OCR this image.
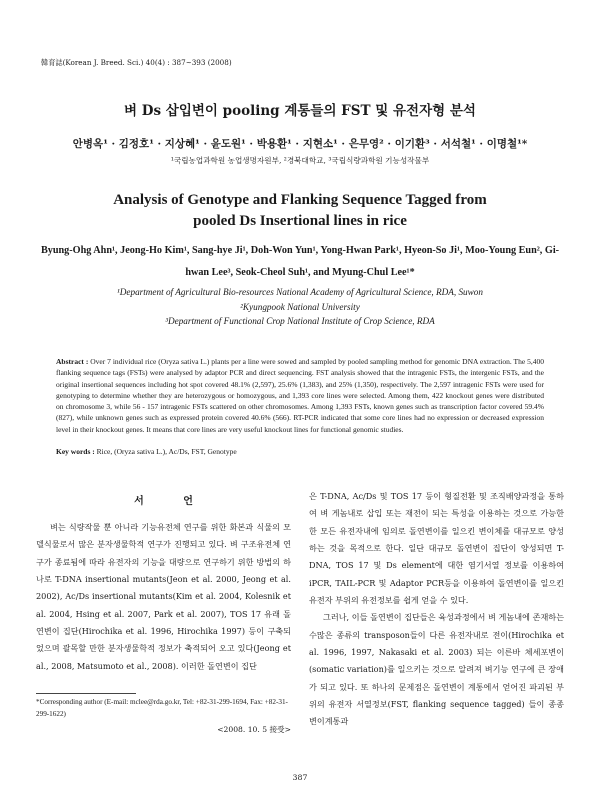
韓育誌(Korean J. Breed. Sci.) 40(4) : 387~393 (2008)
벼 Ds 삽입변이 pooling 계통들의 FST 및 유전자형 분석
안병옥¹ · 김정호¹ · 지상혜¹ · 윤도원¹ · 박용환¹ · 지현소¹ · 은무영² · 이기환³ · 서석철¹ · 이명철¹*
¹국립농업과학원 농업생명자원부, ²경북대학교, ³국립식량과학원 기능성작물부
Analysis of Genotype and Flanking Sequence Tagged from
pooled Ds Insertional lines in rice
Byung-Ohg Ahn¹, Jeong-Ho Kim¹, Sang-hye Ji¹, Doh-Won Yun¹, Yong-Hwan Park¹, Hyeon-So Ji¹, Moo-Young Eun², Gi-hwan Lee³, Seok-Cheol Suh¹, and Myung-Chul Lee¹*
¹Department of Agricultural Bio-resources National Academy of Agricultural Science, RDA, Suwon
²Kyungpook National University
³Department of Functional Crop National Institute of Crop Science, RDA
Abstract : Over 7 individual rice (Oryza sativa L.) plants per a line were sowed and sampled by pooled sampling method for genomic DNA extraction. The 5,400 flanking sequence tags (FSTs) were analysed by adaptor PCR and direct sequencing. FST analysis showed that the intragenic FSTs, the intergenic FSTs, and the original insertional sequences including hot spot covered 48.1% (2,597), 25.6% (1,383), and 25% (1,350), respectively. The 2,597 intragenic FSTs were used for genotyping to determine whether they are heterozygous or homozygous, and 1,393 core lines were selected. Among them, 422 knockout genes were distributed on chromosome 3, while 56 - 157 intragenic FSTs scattered on other chromosomes. Among 1,393 FSTs, known genes such as transcription factor covered 59.4% (827), while unknown genes such as expressed protein covered 40.6% (566). RT-PCR indicated that some core lines had no expression or decreased expression level in their knockout genes. It means that core lines are very useful knockout lines for functional genomic studies.
Key words : Rice, (Oryza sativa L.), Ac/Ds, FST, Genotype
서 언
벼는 식량작물 뿐 아니라 기능유전체 연구를 위한 화본과 식물의 모델식물로서 많은 분자생물학적 연구가 진행되고 있다. 벼 구조유전체 연구가 종료됨에 따라 유전자의 기능을 대량으로 연구하기 위한 방법의 하나로 T-DNA insertional mutants(Jeon et al. 2000, Jeong et al. 2002), Ac/Ds insertional mutants(Kim et al. 2004, Kolesnik et al. 2004, Hsing et al. 2007, Park et al. 2007), TOS 17 유래 돌연변이 집단(Hirochika et al. 1996, Hirochika 1997) 등이 구축되었으며 괄목할 만한 분자생물학적 정보가 축적되어 오고 있다(Jeong et al., 2008, Matsumoto et al., 2008). 이러한 돌연변이 집단
은 T-DNA, Ac/Ds 및 TOS 17 등이 형질전환 및 조직배양과정을 통하여 벼 게놈내로 삽입 또는 재전이 되는 특성을 이용하는 것으로 가능한 한 모든 유전자내에 임의로 돌연변이를 일으킨 변이체를 대규모로 양성하는 것을 목적으로 한다. 일단 대규모 돌연변이 집단이 양성되면 T-DNA, TOS 17 및 Ds element에 대한 염기서열 정보를 이용하여 iPCR, TAIL-PCR 및 Adaptor PCR등을 이용하여 돌연변이를 일으킨 유전자 부위의 유전정보를 쉽게 얻을 수 있다.
그러나, 이들 돌연변이 집단들은 육성과정에서 벼 게놈내에 존재하는 수많은 종류의 transposon들이 다른 유전자내로 전이(Hirochika et al. 1996, 1997, Nakasaki et al. 2003) 되는 이른바 체세포변이(somatic variation)를 일으키는 것으로 알려져 벼기능 연구에 큰 장애가 되고 있다. 또 하나의 문제점은 돌연변이 계통에서 얻어진 파괴된 부위의 유전자 서열정보(FST, flanking sequence tagged) 들이 종종 변이계통과
*Corresponding author (E-mail: mclee@rda.go.kr, Tel: +82-31-299-1694, Fax: +82-31-299-1622)
<2008. 10. 5 接受>
387
